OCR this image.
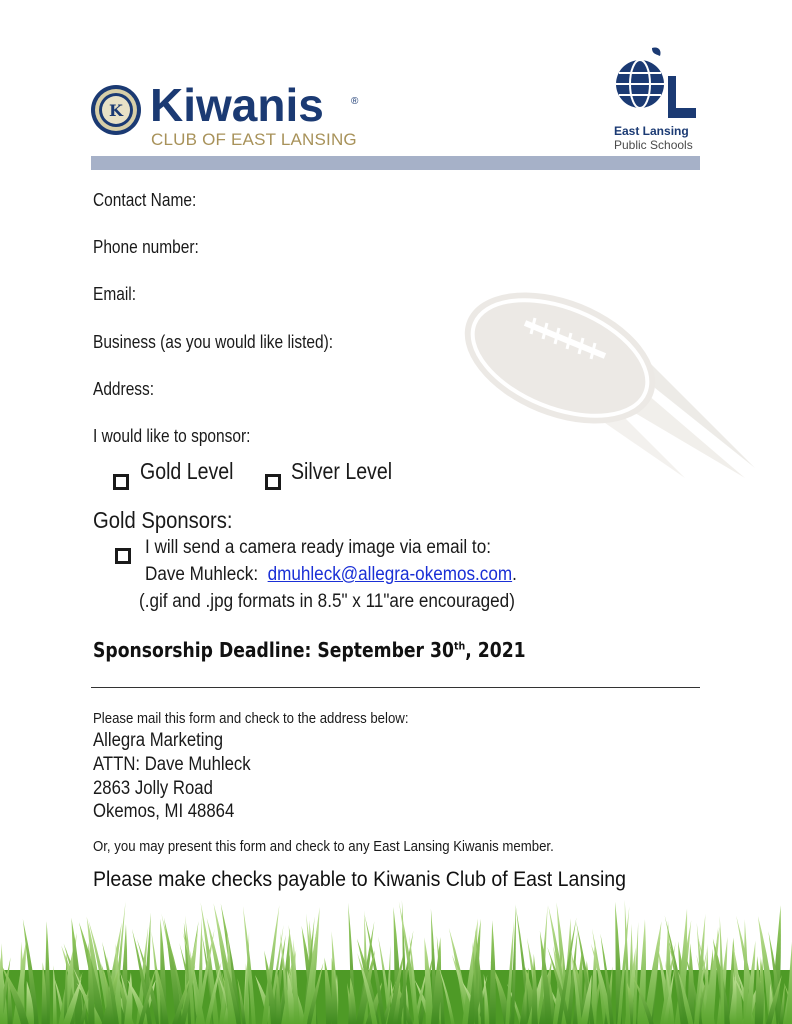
K Kiwanis	®
CLUB OF EAST LANSING	East Lansing
Public Schools
Contact Name:
Phone number:
Email:
Business (as you would like listed):
Address:
I would like to sponsor:
Gold Level	Silver Level
Gold Sponsors:
I will send a camera ready image via email to:
Dave Muhleck: dmuhleck@allegra-okemos.com.
(.gif and .jpg formats in 8.5" x 11"are encouraged)
Sponsorship Deadline: September 30th, 2021
Please mail this form and check to the address below:
Allegra Marketing
ATTN: Dave Muhleck
2863 Jolly Road
Okemos, MI 48864
Or, you may present this form and check to any East Lansing Kiwanis member.
Please make checks payable to Kiwanis Club of East Lansing
